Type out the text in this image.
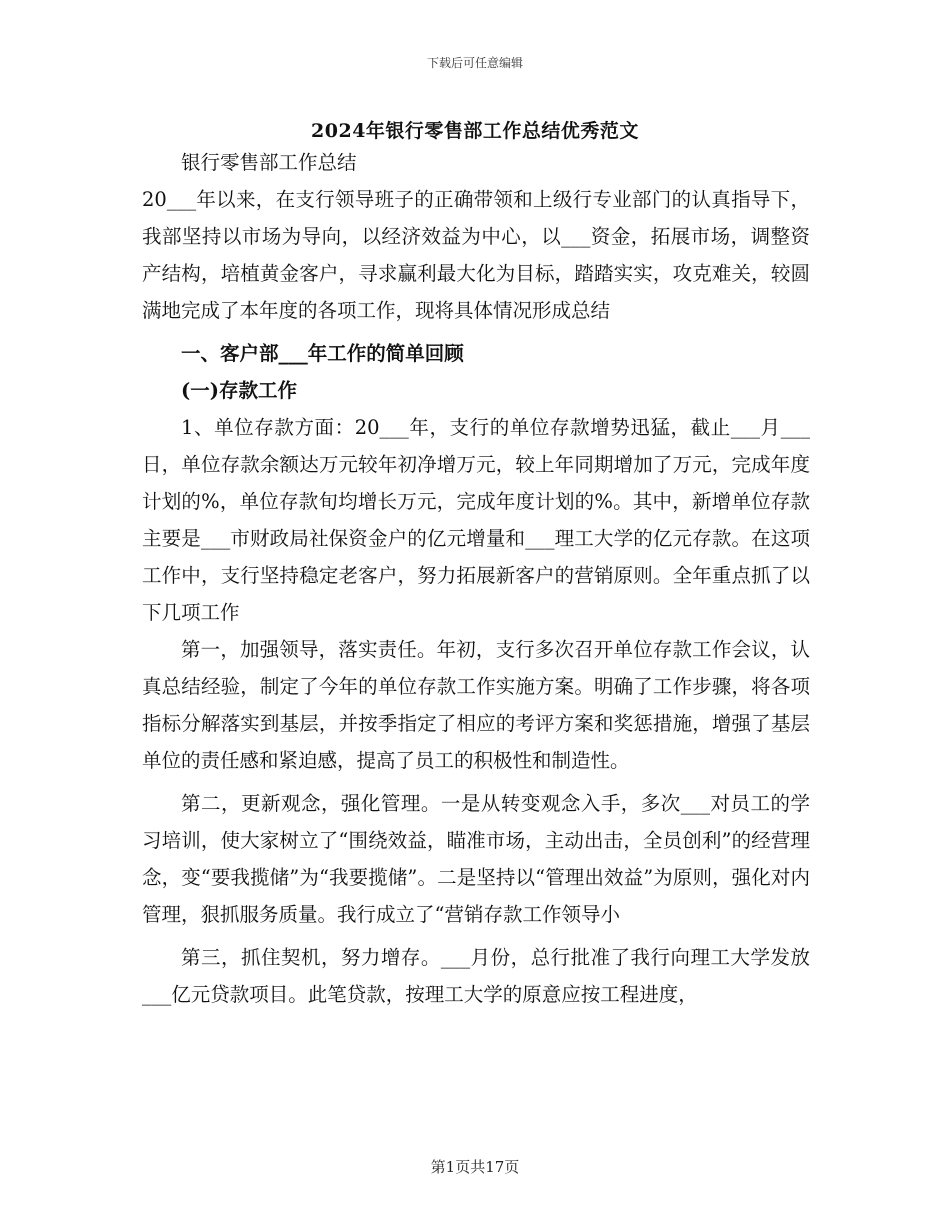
下载后可任意编辑
2024年银行零售部工作总结优秀范文

银行零售部工作总结

20___年以来，在支行领导班子的正确带领和上级行专业部门的认真指导下，我部坚持以市场为导向，以经济效益为中心，以___资金，拓展市场，调整资产结构，培植黄金客户，寻求赢利最大化为目标，踏踏实实，攻克难关，较圆满地完成了本年度的各项工作，现将具体情况形成总结

一、客户部___年工作的简单回顾

(一)存款工作

1、单位存款方面：20___年，支行的单位存款增势迅猛，截止___月___日，单位存款余额达万元较年初净增万元，较上年同期增加了万元，完成年度计划的%，单位存款旬均增长万元，完成年度计划的%。其中，新增单位存款主要是___市财政局社保资金户的亿元增量和___理工大学的亿元存款。在这项工作中，支行坚持稳定老客户，努力拓展新客户的营销原则。全年重点抓了以下几项工作

第一，加强领导，落实责任。年初，支行多次召开单位存款工作会议，认真总结经验，制定了今年的单位存款工作实施方案。明确了工作步骤，将各项指标分解落实到基层，并按季指定了相应的考评方案和奖惩措施，增强了基层单位的责任感和紧迫感，提高了员工的积极性和制造性。

第二，更新观念，强化管理。一是从转变观念入手，多次___对员工的学习培训，使大家树立了“围绕效益，瞄准市场，主动出击，全员创利”的经营理念，变“要我揽储”为“我要揽储”。二是坚持以“管理出效益”为原则，强化对内管理，狠抓服务质量。我行成立了“营销存款工作领导小

第三，抓住契机，努力增存。___月份，总行批准了我行向理工大学发放___亿元贷款项目。此笔贷款，按理工大学的原意应按工程进度，

第1页共17页
